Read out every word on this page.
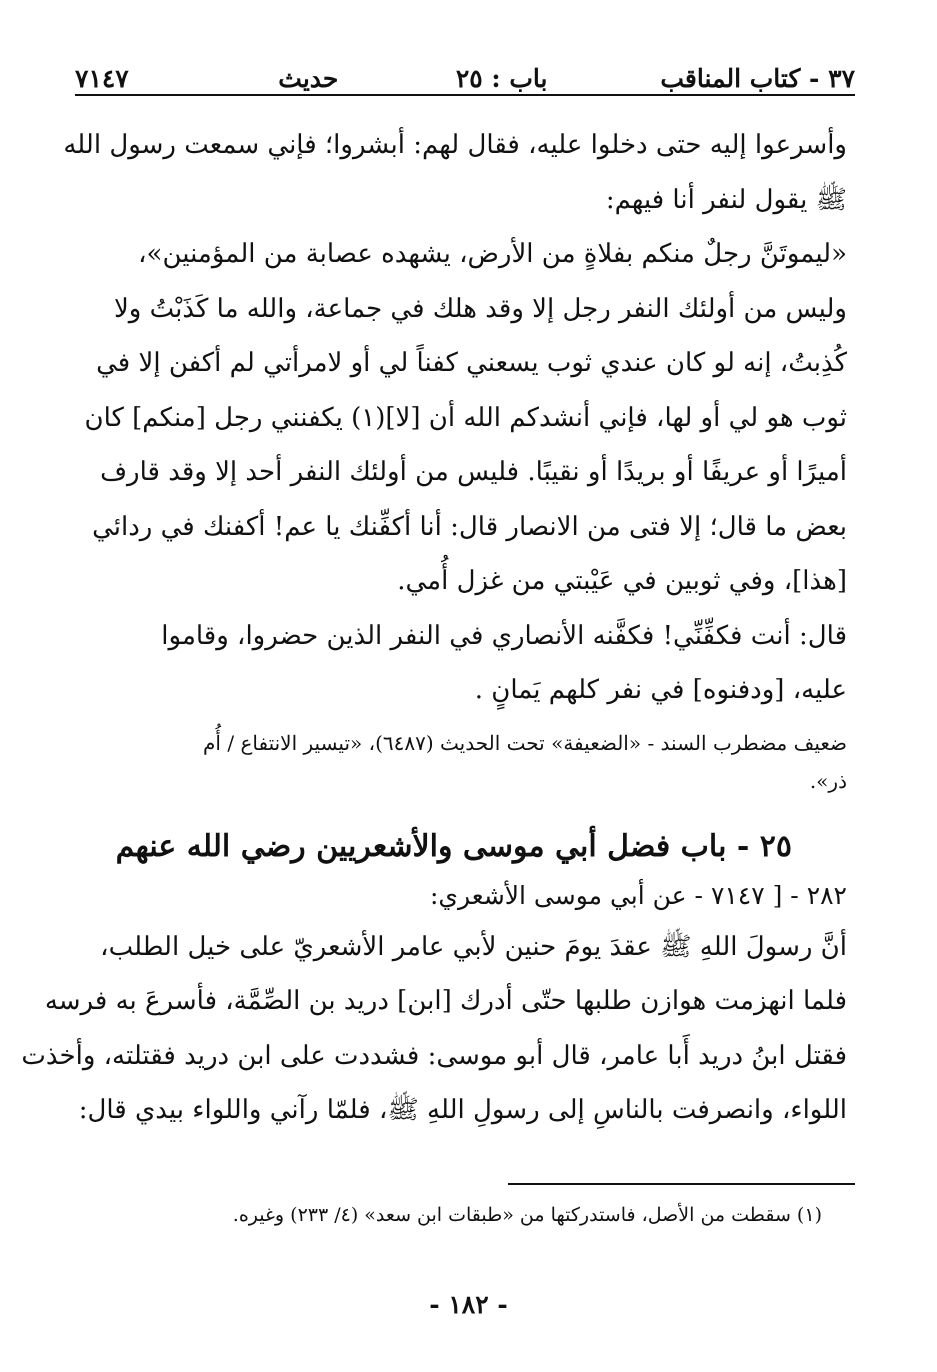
٣٧ - كتاب المناقب
باب : ٢٥
حديث
٧١٤٧
وأسرعوا إليه حتى دخلوا عليه، فقال لهم: أبشروا؛ فإني سمعت رسول الله
ﷺ يقول لنفر أنا فيهم:
«ليموتَنَّ رجلٌ منكم بفلاةٍ من الأرض، يشهده عصابة من المؤمنين»،
وليس من أولئك النفر رجل إلا وقد هلك في جماعة، والله ما كَذَبْتُ ولا
كُذِبتُ، إنه لو كان عندي ثوب يسعني كفناً لي أو لامرأتي لم أكفن إلا في
ثوب هو لي أو لها، فإني أنشدكم الله أن [لا](١) يكفنني رجل [منكم] كان
أميرًا أو عريفًا أو بريدًا أو نقيبًا. فليس من أولئك النفر أحد إلا وقد قارف
بعض ما قال؛ إلا فتى من الانصار قال: أنا أكفِّنك يا عم! أكفنك في ردائي
[هذا]، وفي ثوبين في عَيْبتي من غزل أُمي.
قال: أنت فكفِّنِّي! فكفَّنه الأنصاري في النفر الذين حضروا، وقاموا
عليه، [ودفنوه] في نفر كلهم يَمانٍ .
ضعيف مضطرب السند - «الضعيفة» تحت الحديث (٦٤٨٧)، «تيسير الانتفاع / أُم
ذر».
٢٥ - باب فضل أبي موسى والأشعريين رضي الله عنهم
٢٨٢ - [ ٧١٤٧ - عن أبي موسى الأشعري:
أنَّ رسولَ اللهِ ﷺ عقدَ يومَ حنين لأبي عامر الأشعريّ على خيل الطلب،
فلما انهزمت هوازن طلبها حتّى أدرك [ابن] دريد بن الصِّمَّة، فأسرعَ به فرسه
فقتل ابنُ دريد أَبا عامر، قال أبو موسى: فشددت على ابن دريد فقتلته، وأخذت
اللواء، وانصرفت بالناسِ إلى رسولِ اللهِ ﷺ، فلمّا رآني واللواء بيدي قال:
(١) سقطت من الأصل، فاستدركتها من «طبقات ابن سعد» (٤/ ٢٣٣) وغيره.
- ١٨٢ -
